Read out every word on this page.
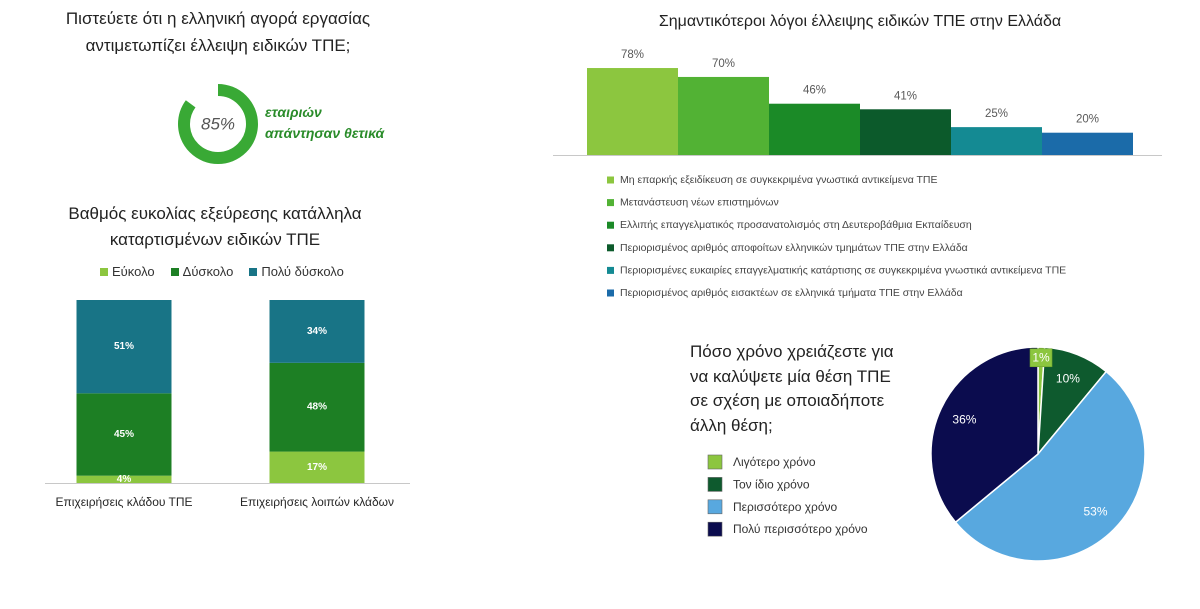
Πιστεύετε ότι η ελληνική αγορά εργασίας
αντιμετωπίζει έλλειψη ειδικών ΤΠΕ;
85%
εταιριών
απάντησαν θετικά
Βαθμός ευκολίας εξεύρεσης κατάλληλα
καταρτισμένων ειδικών ΤΠΕ
Εύκολο Δύσκολο Πολύ δύσκολο
Επιχειρήσεις κλάδου ΤΠΕ	Επιχειρήσεις λοιπών κλάδων
4%
45%
51%
17%
48%
34%
Σημαντικότεροι λόγοι έλλειψης ειδικών ΤΠΕ στην Ελλάδα
78%
70%
46%	41%
25%	20%
Μη επαρκής εξειδίκευση σε συγκεκριμένα γνωστικά αντικείμενα ΤΠΕ
Μετανάστευση νέων επιστημόνων
Ελλιπής επαγγελματικός προσανατολισμός στη Δευτεροβάθμια Εκπαίδευση
Περιορισμένος αριθμός αποφοίτων ελληνικών τμημάτων ΤΠΕ στην Ελλάδα
Περιορισμένες ευκαιρίες επαγγελματικής κατάρτισης σε συγκεκριμένα γνωστικά αντικείμενα ΤΠΕ
Περιορισμένος αριθμός εισακτέων σε ελληνικά τμήματα ΤΠΕ στην Ελλάδα
Λιγότερο χρόνο
Τον ίδιο χρόνο
Περισσότερο χρόνο
Πολύ περισσότερο χρόνο
1%
10%
53%
36%
Πόσο χρόνο χρειάζεστε για
να καλύψετε μία θέση ΤΠΕ
σε σχέση με οποιαδήποτε
άλλη θέση;
